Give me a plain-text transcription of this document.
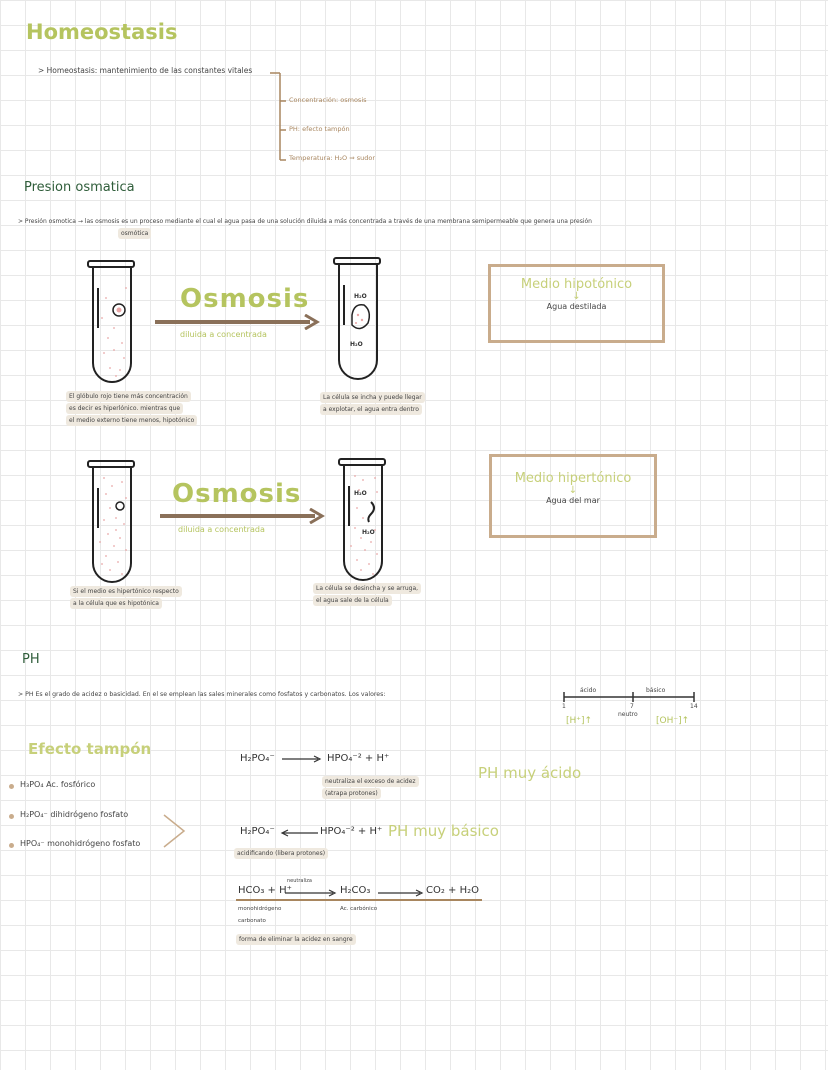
Homeostasis
> Homeostasis: mantenimiento de las constantes vitales
Concentración: osmosis
PH: efecto tampón
Temperatura: H₂O ⇒ sudor
Presion osmatica
> Presión osmotica → las osmosis es un proceso mediante el cual el agua pasa de una solución diluida a más concentrada a través de una membrana semipermeable que genera una presión
osmótica
Osmosis
diluida a concentrada
H₂O
H₂O
El glóbulo rojo tiene más concentración
es decir es hiperlónico. mientras que
el medio externo tiene menos, hipotónico
La célula se incha y puede llegar
a explotar, el agua entra dentro
Medio hipotónico
↓
Agua destilada
Osmosis
diluida a concentrada
H₂O
H₂O
Si el medio es hipertónico respecto
a la célula que es hipotónica
La célula se desincha y se arruga,
el agua sale de la célula
Medio hipertónico
↓
Agua del mar
PH
> PH Es el grado de acidez o basicidad. En el se emplean las sales minerales como fosfatos y carbonatos. Los valores:
ácido	básico
1	7	14
neutro
[H⁺]↑	[OH⁻]↑
Efecto tampón
H₃PO₄ Ac. fosfórico
H₂PO₄⁻ dihidrógeno fosfato
HPO₄⁻ monohidrógeno fosfato
H₂PO₄⁻	HPO₄⁻² + H⁺
neutraliza el exceso de acidez
(atrapa protones)
PH muy ácido
H₂PO₄⁻	HPO₄⁻² + H⁺
acidificando (libera protones)
PH muy básico
HCO₃ + H⁺
neutraliza
H₂CO₃	CO₂ + H₂O
monohidrógeno
carbonato
Ac. carbónico
forma de eliminar la acidez en sangre
